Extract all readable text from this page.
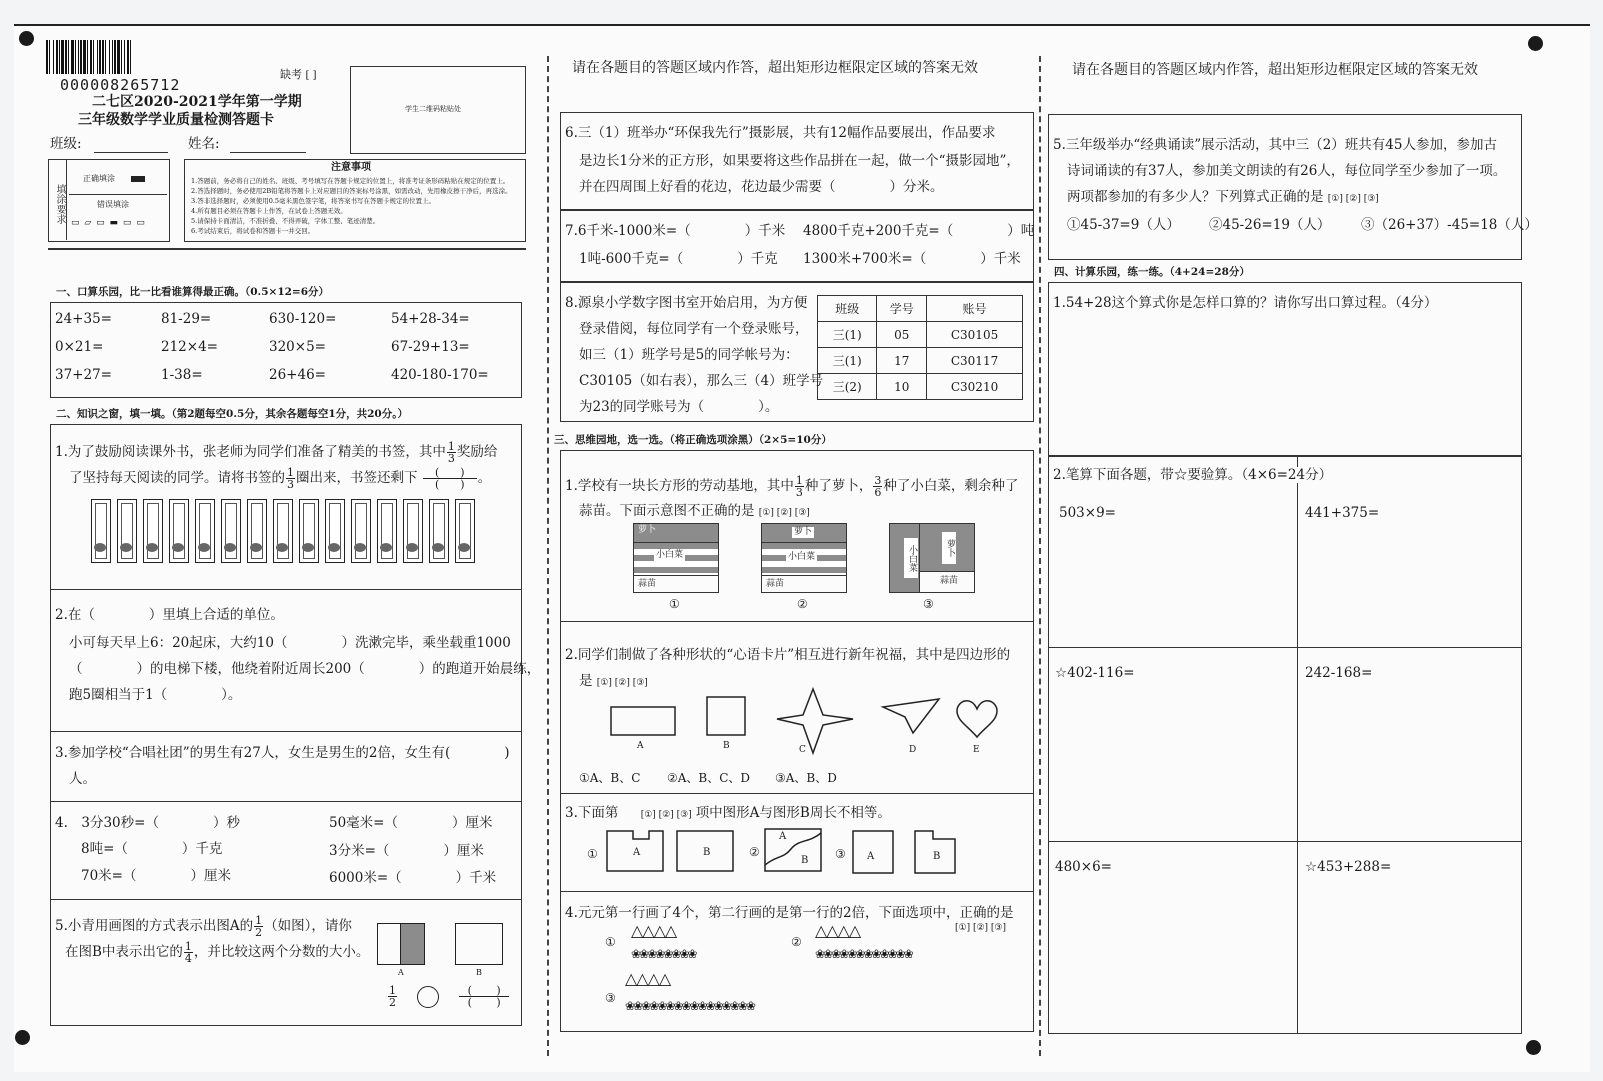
00000826571​2
缺考 [ ]
二七区2020-2021学年第一学期
三年级数学学业质量检测答题卡
班级:	姓名:
学生二维码粘贴处
填涂要求
正确填涂
错误填涂
▭ ▱ ▭ ▬ ▭ ▭
注意事项
1.答题前，务必将自己的姓名、班级、考号填写在答题卡规定的位置上，将准考证条形码粘贴在规定的位置上。
2.答选择题时，务必使用2B铅笔将答题卡上对应题目的答案标号涂黑，如需改动，先用橡皮擦干净后，再选涂。
3.答非选择题时，必须使用0.5毫米黑色签字笔，将答案书写在答题卡规定的位置上。
4.所有题目必须在答题卡上作答，在试卷上答题无效。
5.请保持卡面清洁，不准折叠、不得弄破，字体工整、笔迹清楚。
6.考试结束后，将试卷和答题卡一并交回。
一、口算乐园，比一比看谁算得最正确。（0.5×12=6分）
24+35=	81-29=	630-120=	54+28-34=
0×21=	212×4=	320×5=	67-29+13=
37+27=	1-38=	26+46=	420-180-170=
二、知识之窗，填一填。（第2题每空0.5分，其余各题每空1分，共20分。）
1.为了鼓励阅读课外书，张老师为同学们准备了精美的书签，其中 $\frac{1}{3}$ 奖励给
了坚持每天阅读的同学。请将书签的 $\frac{1}{3}$ 圈出来，书签还剩下 $\frac{( )}{( )}$ 。
2.在（　　　　）里填上合适的单位。
小可每天早上6：20起床，大约10（　　　　）洗漱完毕，乘坐载重1000
（　　　　）的电梯下楼，他绕着附近周长200（　　　　）的跑道开始晨练，
跑5圈相当于1（　　　　）。
3.参加学校“合唱社团”的男生有27人，女生是男生的2倍，女生有(　　　　)
人。
4.　3分30秒=（　　　　）秒	50毫米=（　　　　）厘米
8吨=（　　　　）千克	3分米=（　　　　）厘米
70米=（　　　　）厘米	6000米=（　　　　）千米
5.小青用画图的方式表示出图A的 $\frac{1}{2}$ （如图），请你
在图B中表示出它的 $\frac{1}{4}$ ，并比较这两个分数的大小。
A	B
$\frac{1}{2}$
	$\frac{( )}{( )}$
请在各题目的答题区域内作答，超出矩形边框限定区域的答案无效
6.三（1）班举办“环保我先行”摄影展，共有12幅作品要展出，作品要求
是边长1分米的正方形，如果要将这些作品拼在一起，做一个“摄影园地”，
并在四周围上好看的花边，花边最少需要（　　　　）分米。
7.6千米-1000米=（　　　　）千米 4800千克+200千克=（　　　　）吨
1吨-600千克=（　　　　）千克 1300米+700米=（　　　　）千米
8.源泉小学数字图书室开始启用，为方便
登录借阅，每位同学有一个登录账号，
如三（1）班学号是5的同学帐号为：
C30105（如右表），那么三（4）班学号
为23的同学账号为（　　　　）。
班级	学号	账号
三(1)	05	C30105
三(1)	17	C30117
三(2)	10	C30210
三、思维园地，选一选。（将正确选项涂黑）（2×5=10分）
1.学校有一块长方形的劳动基地，其中 $\frac{1}{3}$ 种了萝卜， $\frac{3}{6}$ 种了小白菜，剩余种了
蒜苗。下面示意图不正确的是 [①] [②] [③]
萝卜
小白菜
蒜苗
①
萝卜
小白菜
蒜苗
②
小白菜	萝卜
蒜苗
③
2.同学们制做了各种形状的“心语卡片”相互进行新年祝福，其中是四边形的
是 [①] [②] [③]
A	B	C	D	E
①A、B、C ②A、B、C、D ③A、B、D
3.下面第 [①] [②] [③] 项中图形A与图形B周长不相等。
①	A	B	②
A
B ③ A	B
4.元元第一行画了4个，第二行画的是第一行的2倍，下面选项中，正确的是
[①] [②] [③]
①
△△△△
❀❀❀❀❀❀❀❀
②
△△△△
❀❀❀❀❀❀❀❀❀❀❀❀
③
△△△△
❀❀❀❀❀❀❀❀❀❀❀❀❀❀❀❀
请在各题目的答题区域内作答，超出矩形边框限定区域的答案无效
5.三年级举办“经典诵读”展示活动，其中三（2）班共有45人参加，参加古
诗词诵读的有37人，参加美文朗读的有26人，每位同学至少参加了一项。
两项都参加的有多少人？下列算式正确的是 [①] [②] [③]
①45-37=9（人） ②45-26=19（人） ③（26+37）-45=18（人）
四、计算乐园，练一练。（4+24=28分）
1.54+28这个算式你是怎样口算的？请你写出口算过程。（4分）
2.笔算下面各题，带☆要验算。（4×6=24分）
503×9=	441+375=
☆402-116=	242-168=
480×6=	☆453+288=
